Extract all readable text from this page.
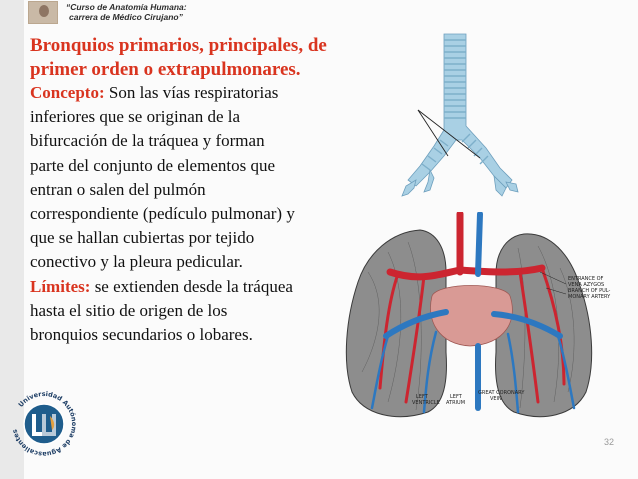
“Curso de Anatomía Humana:
carrera de Médico Cirujano”
Bronquios primarios, principales, de
primer orden o extrapulmonares.
Concepto: Son las vías respiratorias
inferiores que se originan de la
bifurcación de la tráquea y forman
parte del conjunto de elementos que
entran o salen del pulmón
correspondiente (pedículo pulmonar) y
que se hallan cubiertas por tejido
conectivo y la pleura pedicular.
Límites: se extienden desde la tráquea
hasta el sitio de origen de los
bronquios secundarios o lobares.
ENTRANCE OF
VENA AZYGOS
BRANCH OF PUL-
MONARY ARTERY
LEFT
VENTRICLE
LEFT
ATRIUM
GREAT CORONARY
VEIN
Universidad Autónoma de Aguascalientes
32
